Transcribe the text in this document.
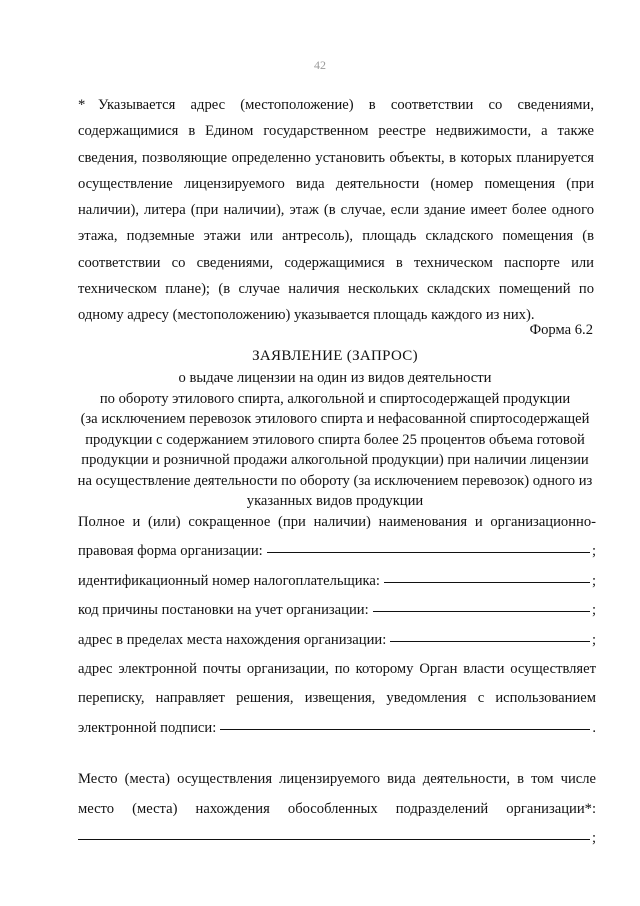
42
* Указывается адрес (местоположение) в соответствии со сведениями, содержащимися в Едином государственном реестре недвижимости, а также сведения, позволяющие определенно установить объекты, в которых планируется осуществление лицензируемого вида деятельности (номер помещения (при наличии), литера (при наличии), этаж (в случае, если здание имеет более одного этажа, подземные этажи или антресоль), площадь складского помещения (в соответствии со сведениями, содержащимися в техническом паспорте или техническом плане); (в случае наличия нескольких складских помещений по одному адресу (местоположению) указывается площадь каждого из них).
Форма 6.2
ЗАЯВЛЕНИЕ (ЗАПРОС)
о выдаче лицензии на один из видов деятельности
по обороту этилового спирта, алкогольной и спиртосодержащей продукции
(за исключением перевозок этилового спирта и нефасованной спиртосодержащей
продукции с содержанием этилового спирта более 25 процентов объема готовой
продукции и розничной продажи алкогольной продукции) при наличии лицензии
на осуществление деятельности по обороту (за исключением перевозок) одного из
указанных видов продукции
Полное и (или) сокращенное (при наличии) наименования и организационно-
правовая форма организации:	;
идентификационный номер налогоплательщика:	;
код причины постановки на учет организации:	;
адрес в пределах места нахождения организации:	;
адрес электронной почты организации, по которому Орган власти осуществляет
переписку, направляет решения, извещения, уведомления с использованием
электронной подписи:	.
Место (места) осуществления лицензируемого вида деятельности, в том числе
место (места) нахождения обособленных подразделений организации*:
;
